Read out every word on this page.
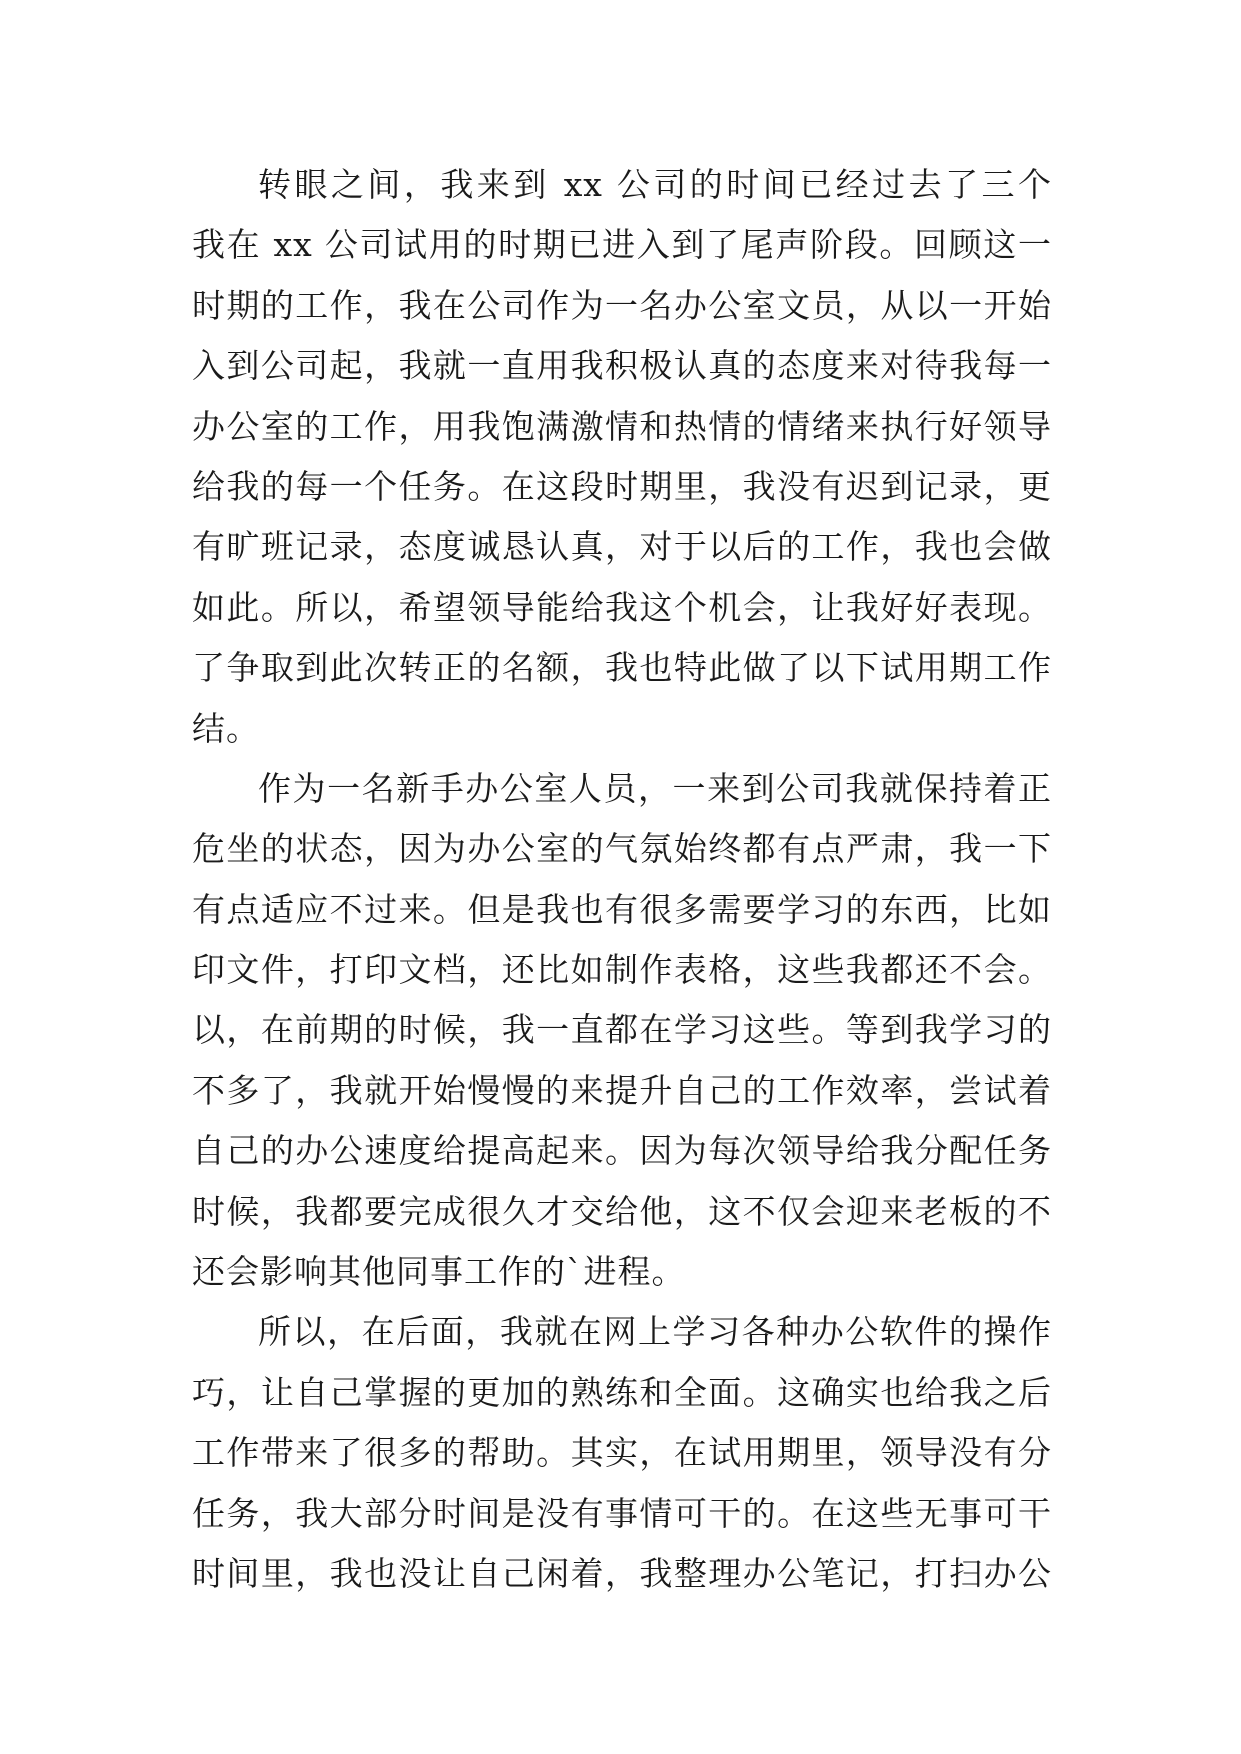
转眼之间，我来到 xx 公司的时间已经过去了三个
我在 xx 公司试用的时期已进入到了尾声阶段。回顾这一
时期的工作，我在公司作为一名办公室文员，从以一开始
入到公司起，我就一直用我积极认真的态度来对待我每一
办公室的工作，用我饱满激情和热情的情绪来执行好领导
给我的每一个任务。在这段时期里，我没有迟到记录，更
有旷班记录，态度诚恳认真，对于以后的工作，我也会做
如此。所以，希望领导能给我这个机会，让我好好表现。
了争取到此次转正的名额，我也特此做了以下试用期工作
结。
作为一名新手办公室人员，一来到公司我就保持着正
危坐的状态，因为办公室的气氛始终都有点严肃，我一下
有点适应不过来。但是我也有很多需要学习的东西，比如
印文件，打印文档，还比如制作表格，这些我都还不会。
以，在前期的时候，我一直都在学习这些。等到我学习的
不多了，我就开始慢慢的来提升自己的工作效率，尝试着
自己的办公速度给提高起来。因为每次领导给我分配任务
时候，我都要完成很久才交给他，这不仅会迎来老板的不
还会影响其他同事工作的`进程。
所以，在后面，我就在网上学习各种办公软件的操作
巧，让自己掌握的更加的熟练和全面。这确实也给我之后
工作带来了很多的帮助。其实，在试用期里，领导没有分
任务，我大部分时间是没有事情可干的。在这些无事可干
时间里，我也没让自己闲着，我整理办公笔记，打扫办公
